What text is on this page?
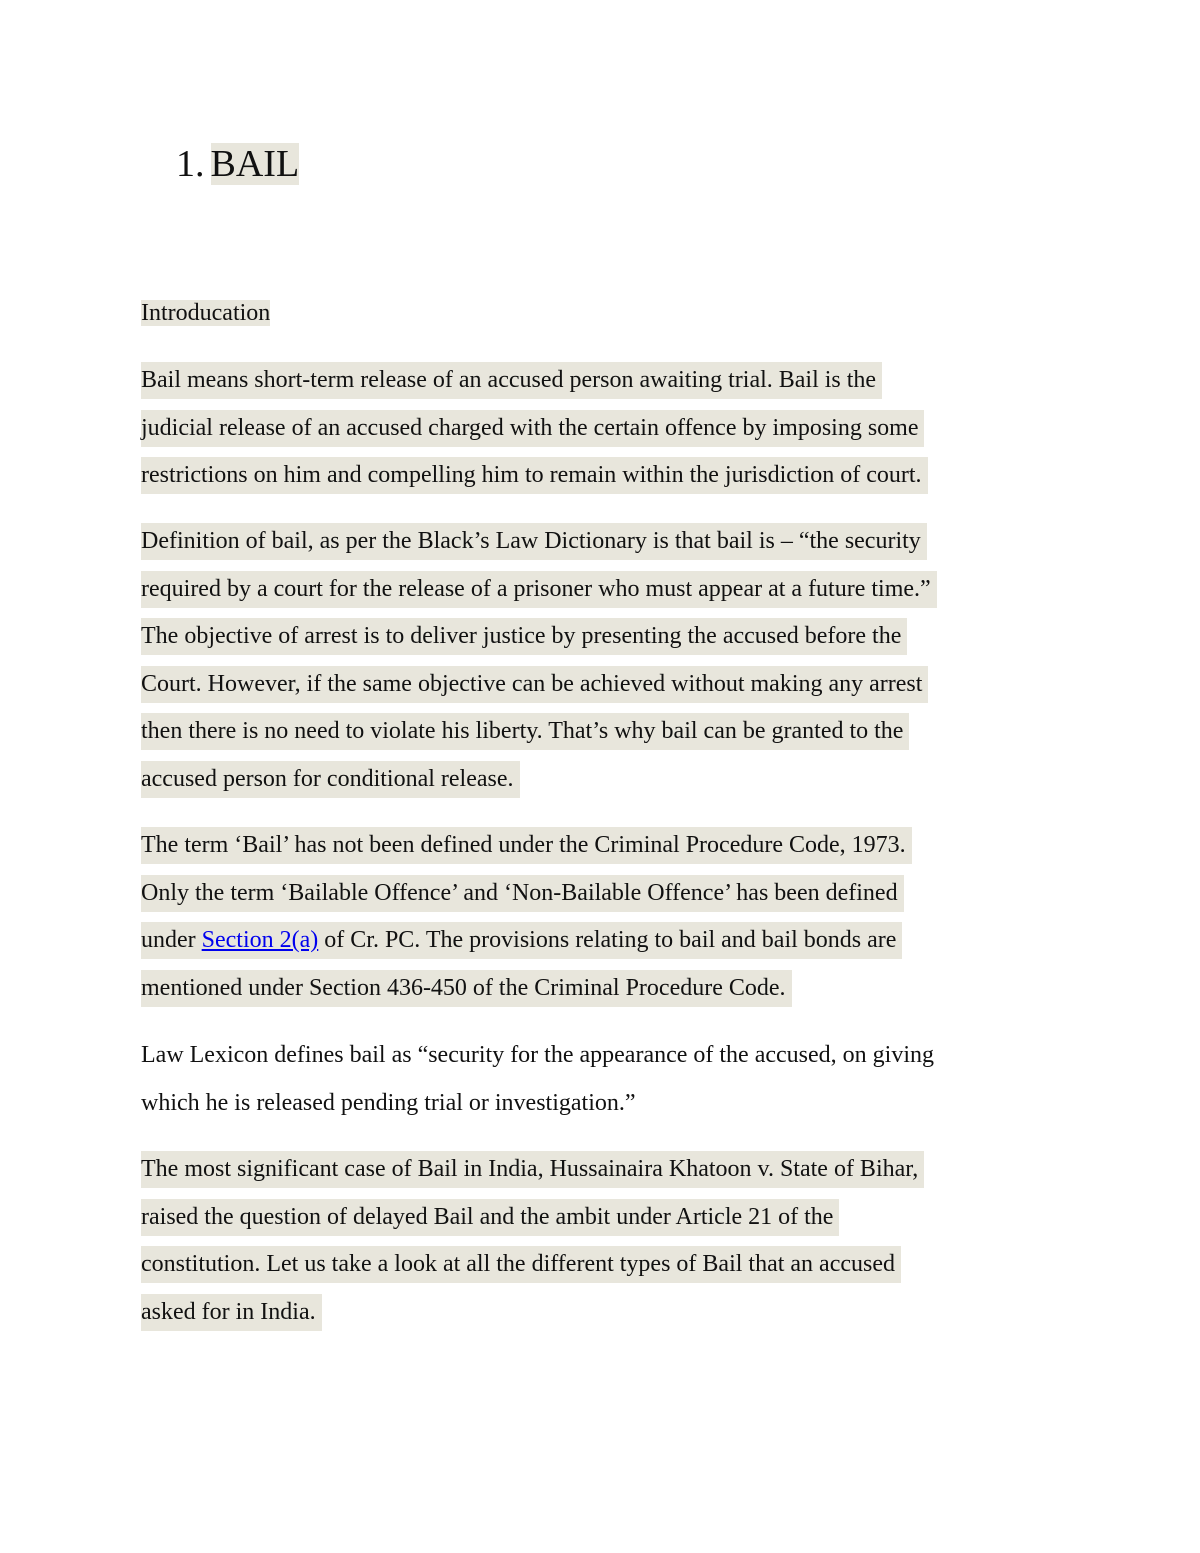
1. BAIL
Introducation

Bail means short-term release of an accused person awaiting trial. Bail is the
judicial release of an accused charged with the certain offence by imposing some
restrictions on him and compelling him to remain within the jurisdiction of court.

Definition of bail, as per the Black’s Law Dictionary is that bail is – “the security
required by a court for the release of a prisoner who must appear at a future time.”
The objective of arrest is to deliver justice by presenting the accused before the
Court. However, if the same objective can be achieved without making any arrest
then there is no need to violate his liberty. That’s why bail can be granted to the
accused person for conditional release.

The term ‘Bail’ has not been defined under the Criminal Procedure Code, 1973.
Only the term ‘Bailable Offence’ and ‘Non-Bailable Offence’ has been defined
under Section 2(a) of Cr. PC. The provisions relating to bail and bail bonds are
mentioned under Section 436-450 of the Criminal Procedure Code.

Law Lexicon defines bail as “security for the appearance of the accused, on giving
which he is released pending trial or investigation.”

The most significant case of Bail in India, Hussainaira Khatoon v. State of Bihar,
raised the question of delayed Bail and the ambit under Article 21 of the
constitution. Let us take a look at all the different types of Bail that an accused
asked for in India.
